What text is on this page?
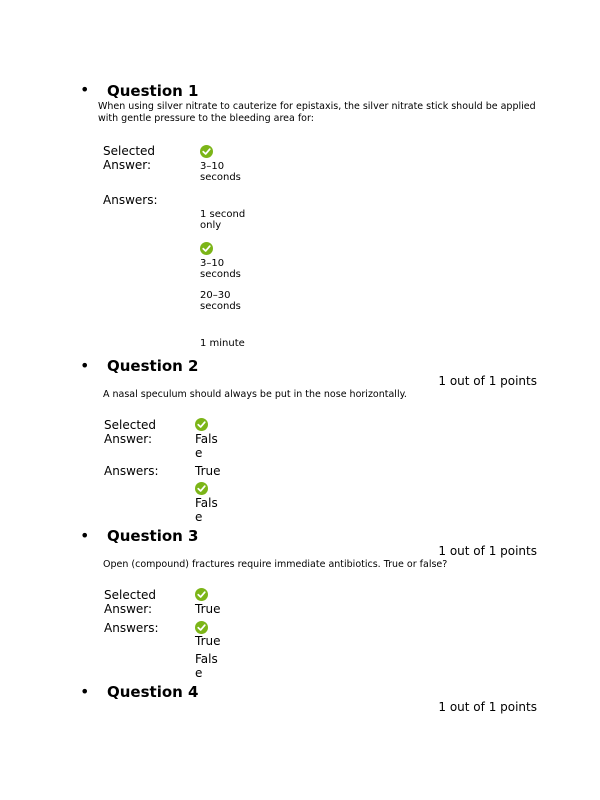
• Question 1
When using silver nitrate to cauterize for epistaxis, the silver nitrate stick should be applied
with gentle pressure to the bleeding area for:
Selected
Answer:	3–10
seconds
Answers:
1 second
only
3–10
seconds
20–30
seconds
1 minute
• Question 2
1 out of 1 points
A nasal speculum should always be put in the nose horizontally.
Selected
Answer:	Fals
e
Answers:	True
Fals
e
• Question 3
1 out of 1 points
Open (compound) fractures require immediate antibiotics. True or false?
Selected
Answer:	True
Answers:
True
Fals
e
• Question 4
1 out of 1 points
